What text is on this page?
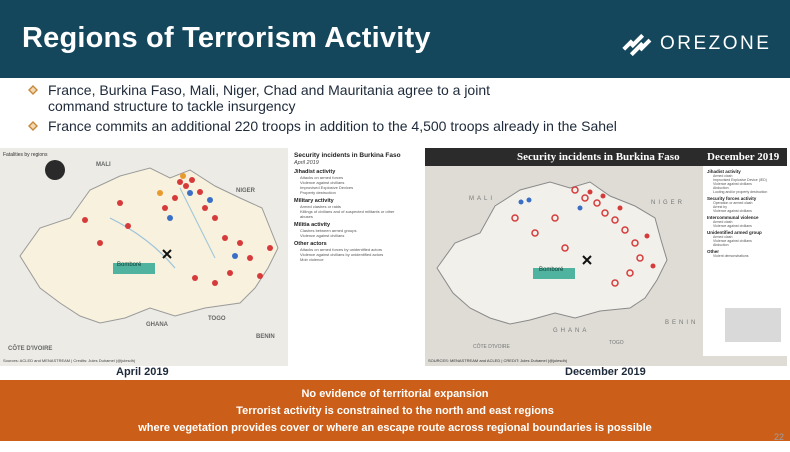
Regions of Terrorism Activity	OREZONE
France, Burkina Faso, Mali, Niger, Chad and Mauritania agree to a joint command structure to tackle insurgency
France commits an additional 220 troops in addition to the 4,500 troops already in the Sahel
Fatalities by regions
MALI
NIGER
GHANA
TOGO
BENIN
CÔTE D'IVOIRE
Bomboré
Security incidents in Burkina Faso
April 2019
Jihadist activity
Attacks on armed forces
Violence against civilians
Improvised Explosive Devices
Property destruction
Military activity
Armed clashes or raids
Killings of civilians and of suspected militants or other abuses
Militia activity
Clashes between armed groups
Violence against civilians
Other actors
Attacks on armed forces by unidentified actors
Violence against civilians by unidentified actors
Mob violence
Sources: ACLED and MENASTREAM | Credits: Jules Duhamel (@julesdh)
April 2019
Security incidents in Burkina Faso December 2019
MALI
NIGER
GHANA
BENIN
TOGO
CÔTE D'IVOIRE
Bomboré
Jihadist activity
Armed clash
Improvised Explosive Device (IED)
Violence against civilians
Abduction
Looting and/or property destruction
Security forces activity
Operation or armed clash
Arrest by
Violence against civilians
Intercommunal violence
Armed clash
Violence against civilians
Unidentified armed group
Armed clash
Violence against civilians
Abduction
Other
Violent demonstrations
SOURCES: MENASTREAM and ACLED | CREDIT: Jules Duhamel (@julesdh)
December 2019
No evidence of territorial expansion
Terrorist activity is constrained to the north and east regions
where vegetation provides cover or where an escape route across regional boundaries is possible
22
